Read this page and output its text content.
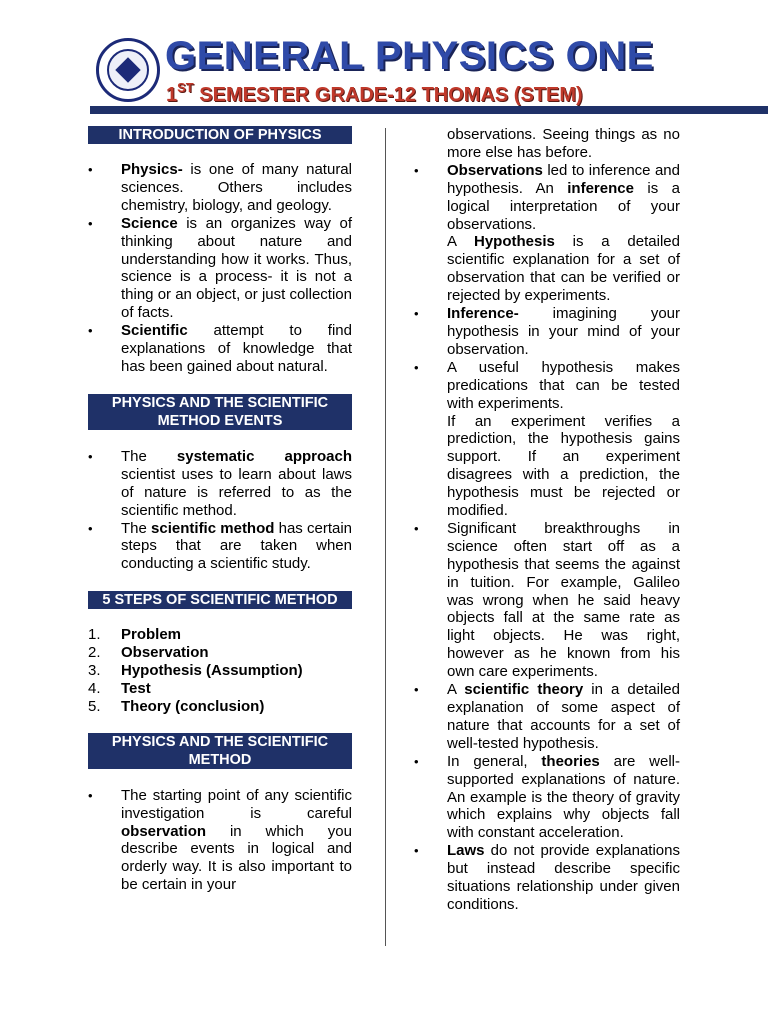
GENERAL PHYSICS ONE
1ST SEMESTER GRADE-12 THOMAS (STEM)
INTRODUCTION OF PHYSICS
• Physics- is one of many natural sciences. Others includes chemistry, biology, and geology.
• Science is an organizes way of thinking about nature and understanding how it works. Thus, science is a process- it is not a thing or an object, or just collection of facts.
• Scientific attempt to find explanations of knowledge that has been gained about natural.
PHYSICS AND THE SCIENTIFIC METHOD EVENTS
• The systematic approach scientist uses to learn about laws of nature is referred to as the scientific method.
• The scientific method has certain steps that are taken when conducting a scientific study.
5 STEPS OF SCIENTIFIC METHOD
1. Problem
2. Observation
3. Hypothesis (Assumption)
4. Test
5. Theory (conclusion)
PHYSICS AND THE SCIENTIFIC METHOD
• The starting point of any scientific investigation is careful observation in which you describe events in logical and orderly way. It is also important to be certain in your
observations. Seeing things as no more else has before.
• Observations led to inference and hypothesis. An inference is a logical interpretation of your observations.
A Hypothesis is a detailed scientific explanation for a set of observation that can be verified or rejected by experiments.
• Inference- imagining your hypothesis in your mind of your observation.
• A useful hypothesis makes predications that can be tested with experiments.
If an experiment verifies a prediction, the hypothesis gains support. If an experiment disagrees with a prediction, the hypothesis must be rejected or modified.
• Significant breakthroughs in science often start off as a hypothesis that seems the against in tuition. For example, Galileo was wrong when he said heavy objects fall at the same rate as light objects. He was right, however as he known from his own care experiments.
• A scientific theory in a detailed explanation of some aspect of nature that accounts for a set of well-tested hypothesis.
• In general, theories are well-supported explanations of nature. An example is the theory of gravity which explains why objects fall with constant acceleration.
• Laws do not provide explanations but instead describe specific situations relationship under given conditions.
